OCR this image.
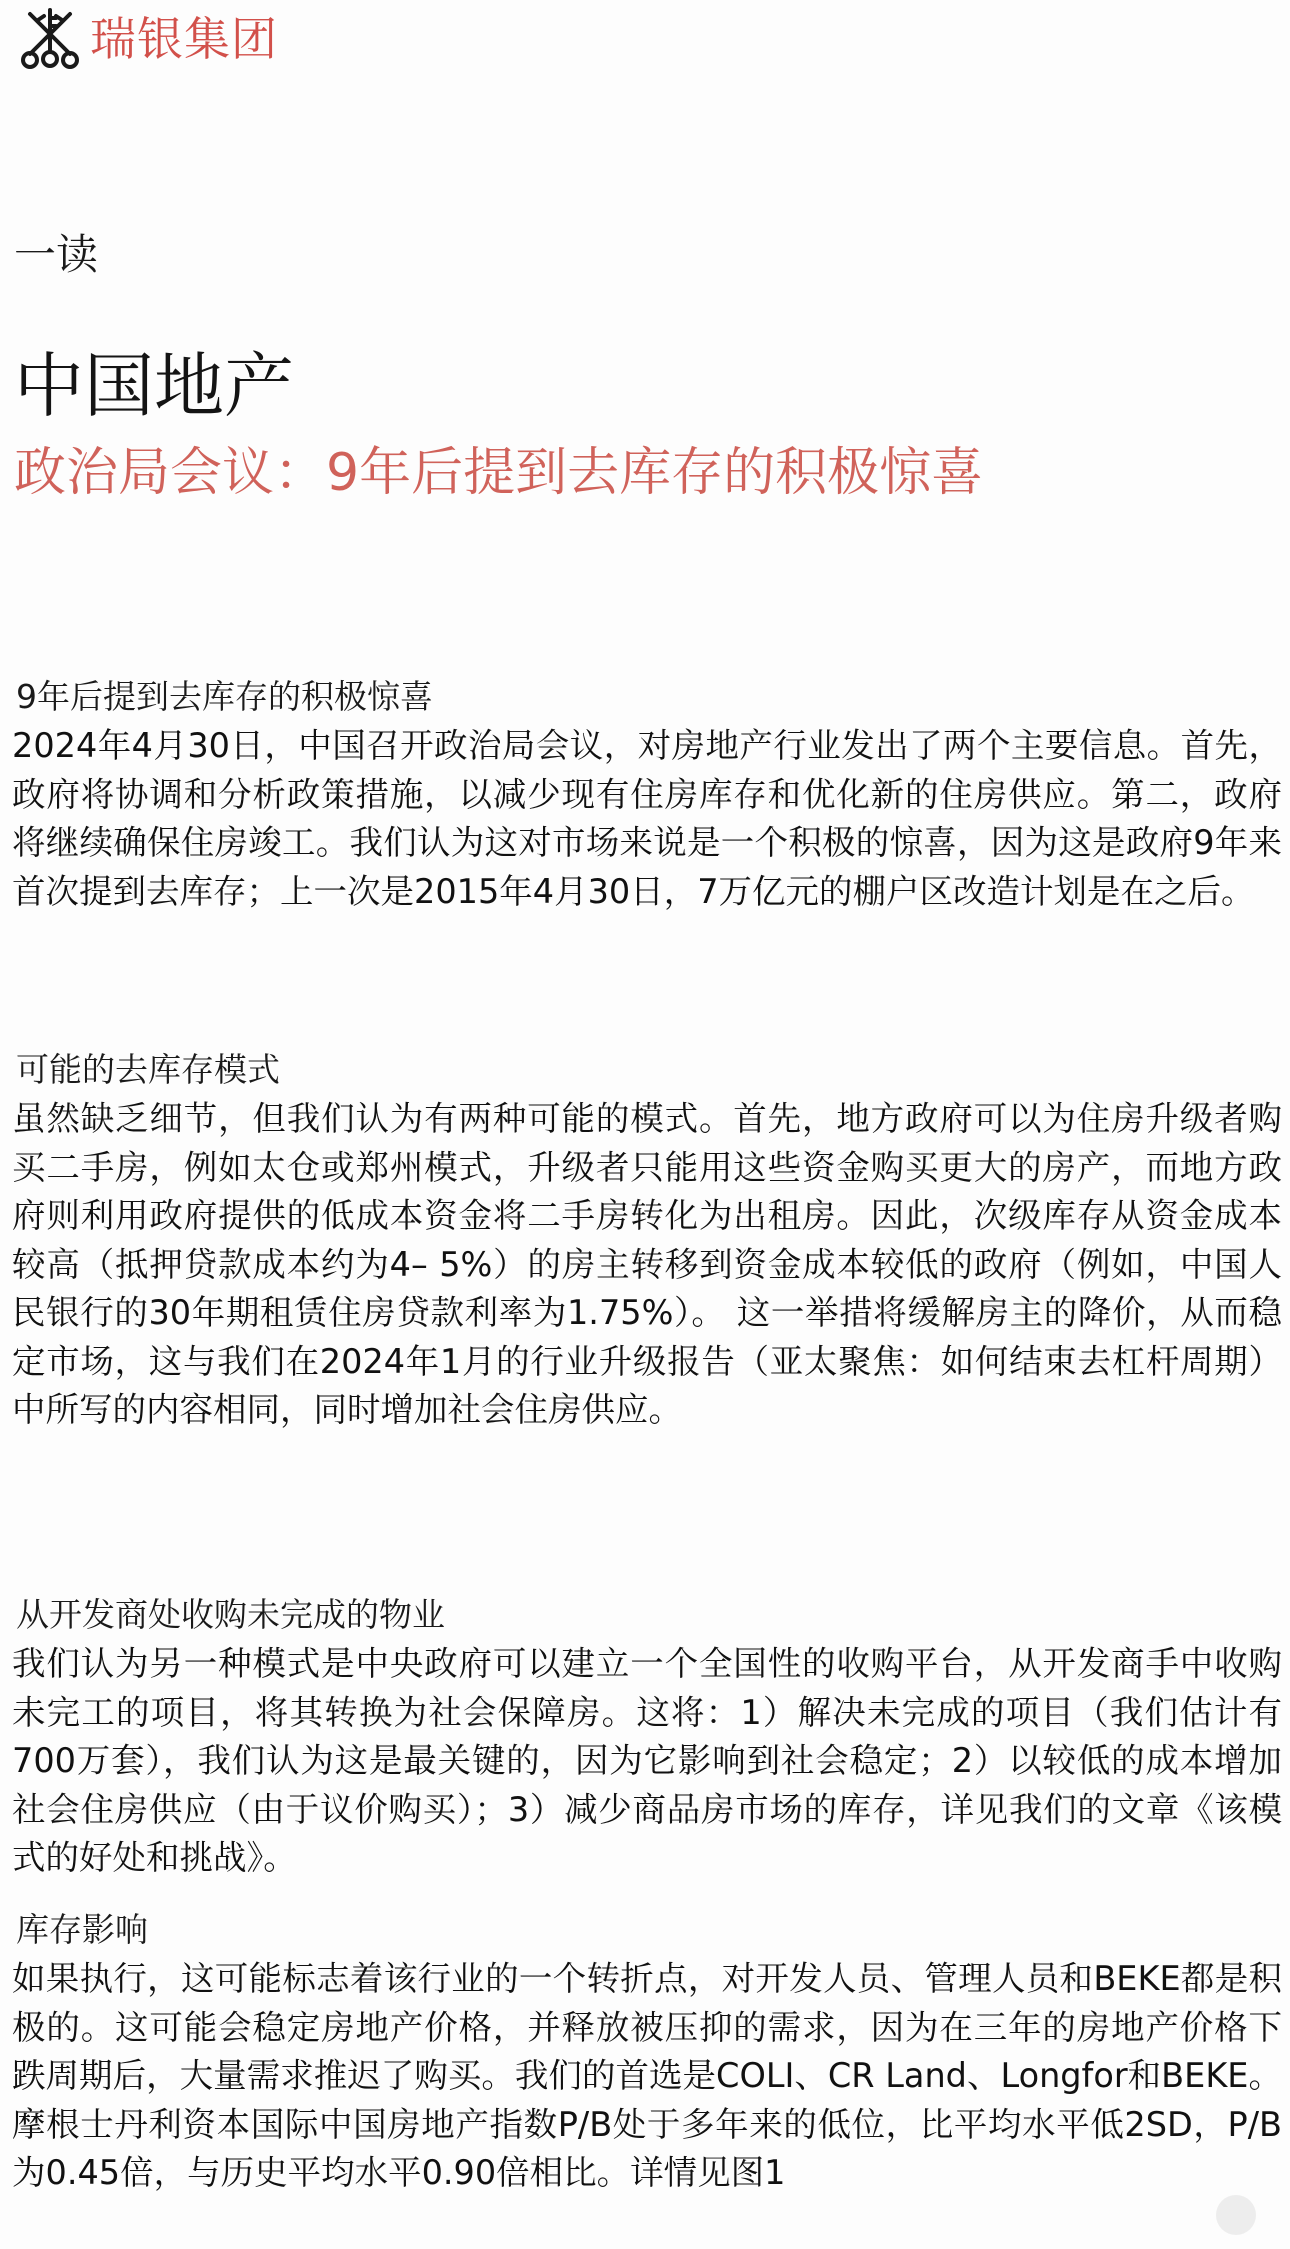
瑞银集团
一读
中国地产
政治局会议：9年后提到去库存的积极惊喜
9年后提到去库存的积极惊喜

2024年4月30日，中国召开政治局会议，对房地产行业发出了两个主要信息。首先，政府将协调和分析政策措施，以减少现有住房库存和优化新的住房供应。第二，政府将继续确保住房竣工。我们认为这对市场来说是一个积极的惊喜，因为这是政府9年来首次提到去库存；上一次是2015年4月30日，7万亿元的棚户区改造计划是在之后。

可能的去库存模式

虽然缺乏细节，但我们认为有两种可能的模式。首先，地方政府可以为住房升级者购买二手房，例如太仓或郑州模式，升级者只能用这些资金购买更大的房产，而地方政府则利用政府提供的低成本资金将二手房转化为出租房。因此，次级库存从资金成本较高（抵押贷款成本约为4– 5%）的房主转移到资金成本较低的政府（例如，中国人民银行的30年期租赁住房贷款利率为1.75%）。 这一举措将缓解房主的降价，从而稳定市场，这与我们在2024年1月的行业升级报告（亚太聚焦：如何结束去杠杆周期）中所写的内容相同，同时增加社会住房供应。

从开发商处收购未完成的物业

我们认为另一种模式是中央政府可以建立一个全国性的收购平台，从开发商手中收购未完工的项目，将其转换为社会保障房。这将：1）解决未完成的项目（我们估计有700万套），我们认为这是最关键的，因为它影响到社会稳定；2）以较低的成本增加社会住房供应（由于议价购买）；3）减少商品房市场的库存，详见我们的文章《该模式的好处和挑战》。

库存影响

如果执行，这可能标志着该行业的一个转折点，对开发人员、管理人员和BEKE都是积极的。这可能会稳定房地产价格，并释放被压抑的需求，因为在三年的房地产价格下跌周期后，大量需求推迟了购买。我们的首选是COLI、CR Land、Longfor和BEKE。摩根士丹利资本国际中国房地产指数P/B处于多年来的低位，比平均水平低2SD，P/B为0.45倍，与历史平均水平0.90倍相比。详情见图1
